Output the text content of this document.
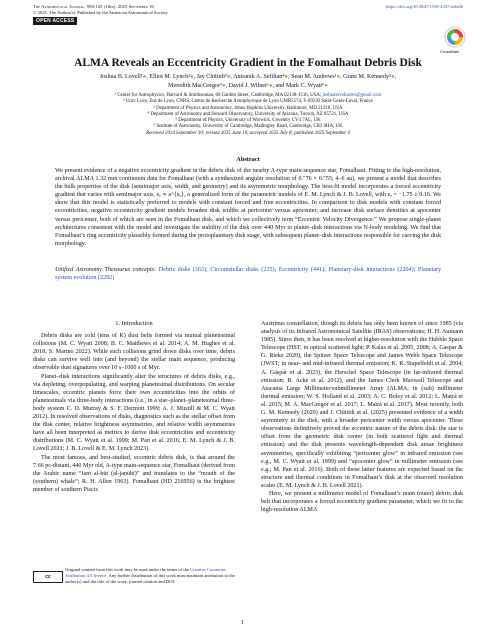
The Astrophysical Journal, 990:145 (18pp), 2025 September 10
© 2025. The Author(s). Published by the American Astronomical Society.
https://doi.org/10.3847/1538-4357/adfadb
OPEN ACCESS
CrossMark
ALMA Reveals an Eccentricity Gradient in the Fomalhaut Debris Disk
Joshua B. Lovell¹●, Elliot M. Lynch²●, Jay Chittidi³●, Antranik A. Sefilian⁴●, Sean M. Andrews¹●, Grant M. Kennedy⁵●,
Meredith MacGregor³●, David J. Wilner¹●, and Mark C. Wyatt⁶●
¹ Center for Astrophysics, Harvard & Smithsonian, 60 Garden Street, Cambridge, MA 02138-1516, USA; joshualovellastro@gmail.com
² Univ Lyon, Ens de Lyon, CNRS, Centre de Recherche Astrophysique de Lyon UMR5574, F-69230 Saint-Genis-Laval, France
³ Department of Physics and Astronomy, Johns Hopkins University, Baltimore, MD 21218, USA
⁴ Department of Astronomy and Steward Observatory, University of Arizona, Tucson, AZ 85721, USA
⁵ Department of Physics, University of Warwick, Coventry CV4 7AL, UK
⁶ Institute of Astronomy, University of Cambridge, Madingley Road, Cambridge, CB3 0HA, UK
Received 2024 September 30; revised 2025 June 10; accepted 2025 July 8; published 2025 September 4
Abstract
We present evidence of a negative eccentricity gradient in the debris disk of the nearby A-type main-sequence star, Fomalhaut. Fitting to the high-resolution, archival ALMA 1.32 mm continuum data for Fomalhaut (with a synthesized angular resolution of 0.″76 × 0.″55; 4–6 au), we present a model that describes the bulk properties of the disk (semimajor axis, width, and geometry) and its asymmetric morphology. The best-fit model incorporates a forced eccentricity gradient that varies with semimajor axis, eₑ ∝ a^{eₑ}, a generalized form of the parametric models of E. M. Lynch & J. B. Lovell, with eₑ = −1.75 ± 0.16. We show that this model is statistically preferred to models with constant forced and free eccentricities. In comparison to disk models with constant forced eccentricities, negative eccentricity gradient models broaden disk widths at pericenter versus apocenter, and increase disk surface densities at apocenter versus pericenter, both of which are seen in the Fomalhaut disk, and which we collectively term “Eccentric Velocity Divergence.” We propose single-planet architectures consistent with the model and investigate the stability of the disk over 440 Myr to planet–disk interactions via N-body modeling. We find that Fomalhaut’s ring eccentricity plausibly formed during the protoplanetary disk stage, with subsequent planet–disk interactions responsible for carving the disk morphology.
Unified Astronomy Thesaurus concepts: Debris disks (363); Circumstellar disks (235); Eccentricity (441); Planetary-disk interactions (2204); Planetary system evolution (2292)
1. Introduction

Debris disks are cold (tens of K) dust belts formed via mutual planetesimal collisions (M. C. Wyatt 2008; B. C. Matthews et al. 2014; A. M. Hughes et al. 2018; S. Marino 2022). While such collisions grind down disks over time, debris disks can survive well into (and beyond) the stellar main sequence, producing observable dust signatures over 10 s–1000 s of Myr.

Planet–disk interactions significantly alter the structures of debris disks, e.g., via depleting, overpopulating, and warping planetesimal distributions. On secular timescales, eccentric planets force their own eccentricities into the orbits of planetesimals via three-body interactions (i.e., in a star–planet–planetesimal three-body system C. D. Murray & S. F. Dermott 1999; A. J. Mustill & M. C. Wyatt 2012). In resolved observations of disks, diagnostics such as the stellar offset from the disk center, relative brightness asymmetries, and relative width asymmetries have all been interpreted as metrics to derive disk eccentricities and eccentricity distributions (M. C. Wyatt et al. 1999; M. Pan et al. 2016; E. M. Lynch & J. B. Lovell 2021; J. B. Lovell & E. M. Lynch 2023).

The most famous, and best-studied, eccentric debris disk, is that around the 7.66 pc-distant, 440 Myr old, A-type main-sequence star, Fomalhaut (derived from the Arabic name “fam al-hūt (al-janūbī)” and translates to the “mouth of the (southern) whale”; R. H. Allen 1963). Fomalhaut (HD 216956) is the brightest member of southern Piscis

Austrinus constellation, though its debris has only been known of since 1985 (via analysis of its Infrared Astronomical Satellite (IRAS) observations; H. H. Aumann 1985). Since then, it has been resolved at higher-resolution with the Hubble Space Telescope (HST; in optical scattered light; P. Kalas et al. 2005, 2008; A. Gaspar & G. Rieke 2020), the Spitzer Space Telescope and James Webb Space Telescope (JWST; in near- and mid-infrared thermal emission; K. R. Stapelfeldt et al. 2004; A. Gáspár et al. 2023), the Herschel Space Telescope (in far-infrared thermal emission; B. Acke et al. 2012), and the James Clerk Maxwell Telescope and Atacama Large Millimeter/submillimeter Array (ALMA; in (sub) millimeter thermal emission; W. S. Holland et al. 2003; A. C. Boley et al. 2012; L. Matrà et al. 2015; M. A. MacGregor et al. 2017; L. Matrà et al. 2017). Most recently, both G. M. Kennedy (2020) and J. Chittidi et al. (2025) presented evidence of a width asymmetry in the disk, with a broader pericenter width versus apocenter. These observations definitively proved the eccentric nature of the debris disk: the star is offset from the geometric disk center (in both scattered light and thermal emission) and the disk presents wavelength-dependent disk ansae brightness asymmetries, specifically exhibiting “pericenter glow” in infrared emission (see e.g., M. C. Wyatt et al. 1999) and “apocenter glow” in millimeter emission (see e.g., M. Pan et al. 2016). Both of these latter features are expected based on the structure and thermal conditions in Fomalhaut’s disk at the observed resolution scales (E. M. Lynch & J. B. Lovell 2021).

Here, we present a millimeter model of Fomalhaut’s main (outer) debris disk belt that incorporates a forced eccentricity gradient parameter, which we fit to the high-resolution ALMA

cc
Original content from this work may be used under the terms of the Creative Commons Attribution 4.0 licence. Any further distribution of this work must maintain attribution to the author(s) and the title of the work, journal citation and DOI.
1
